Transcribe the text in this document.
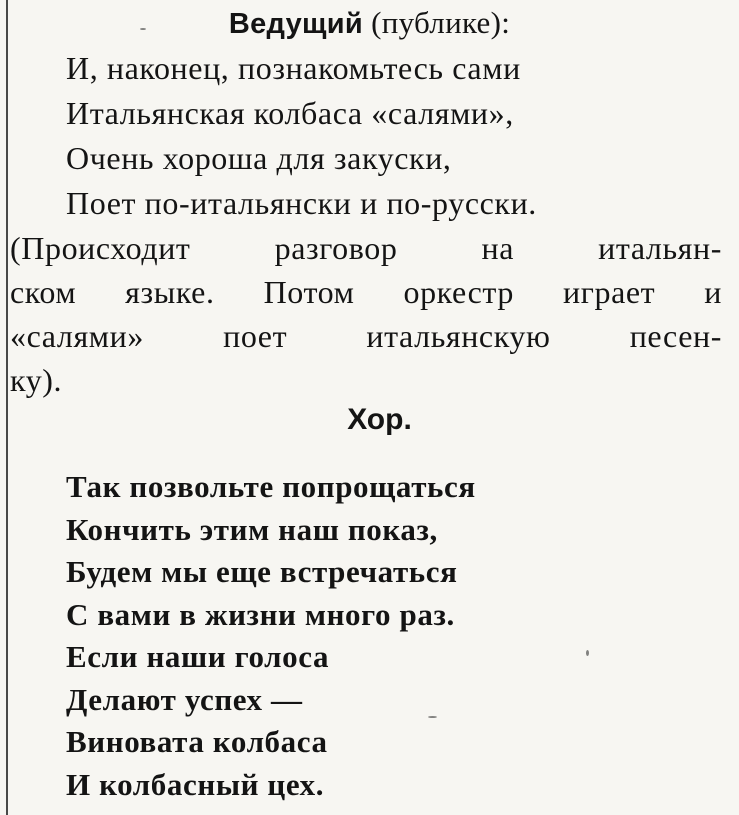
Ведущий (публике):
И, наконец, познакомьтесь сами
Итальянская колбаса «салями»,
Очень хороша для закуски,
Поет по-итальянски и по-русски.
(Происходит	разговор	на	итальян-
ском языке. Потом оркестр играет и
«салями» поет итальянскую песен-
ку).
Хор.
Так позвольте попрощаться
Кончить этим наш показ,
Будем мы еще встречаться
С вами в жизни много раз.
Если наши голоса
Делают успех —
Виновата колбаса
И колбасный цех.
